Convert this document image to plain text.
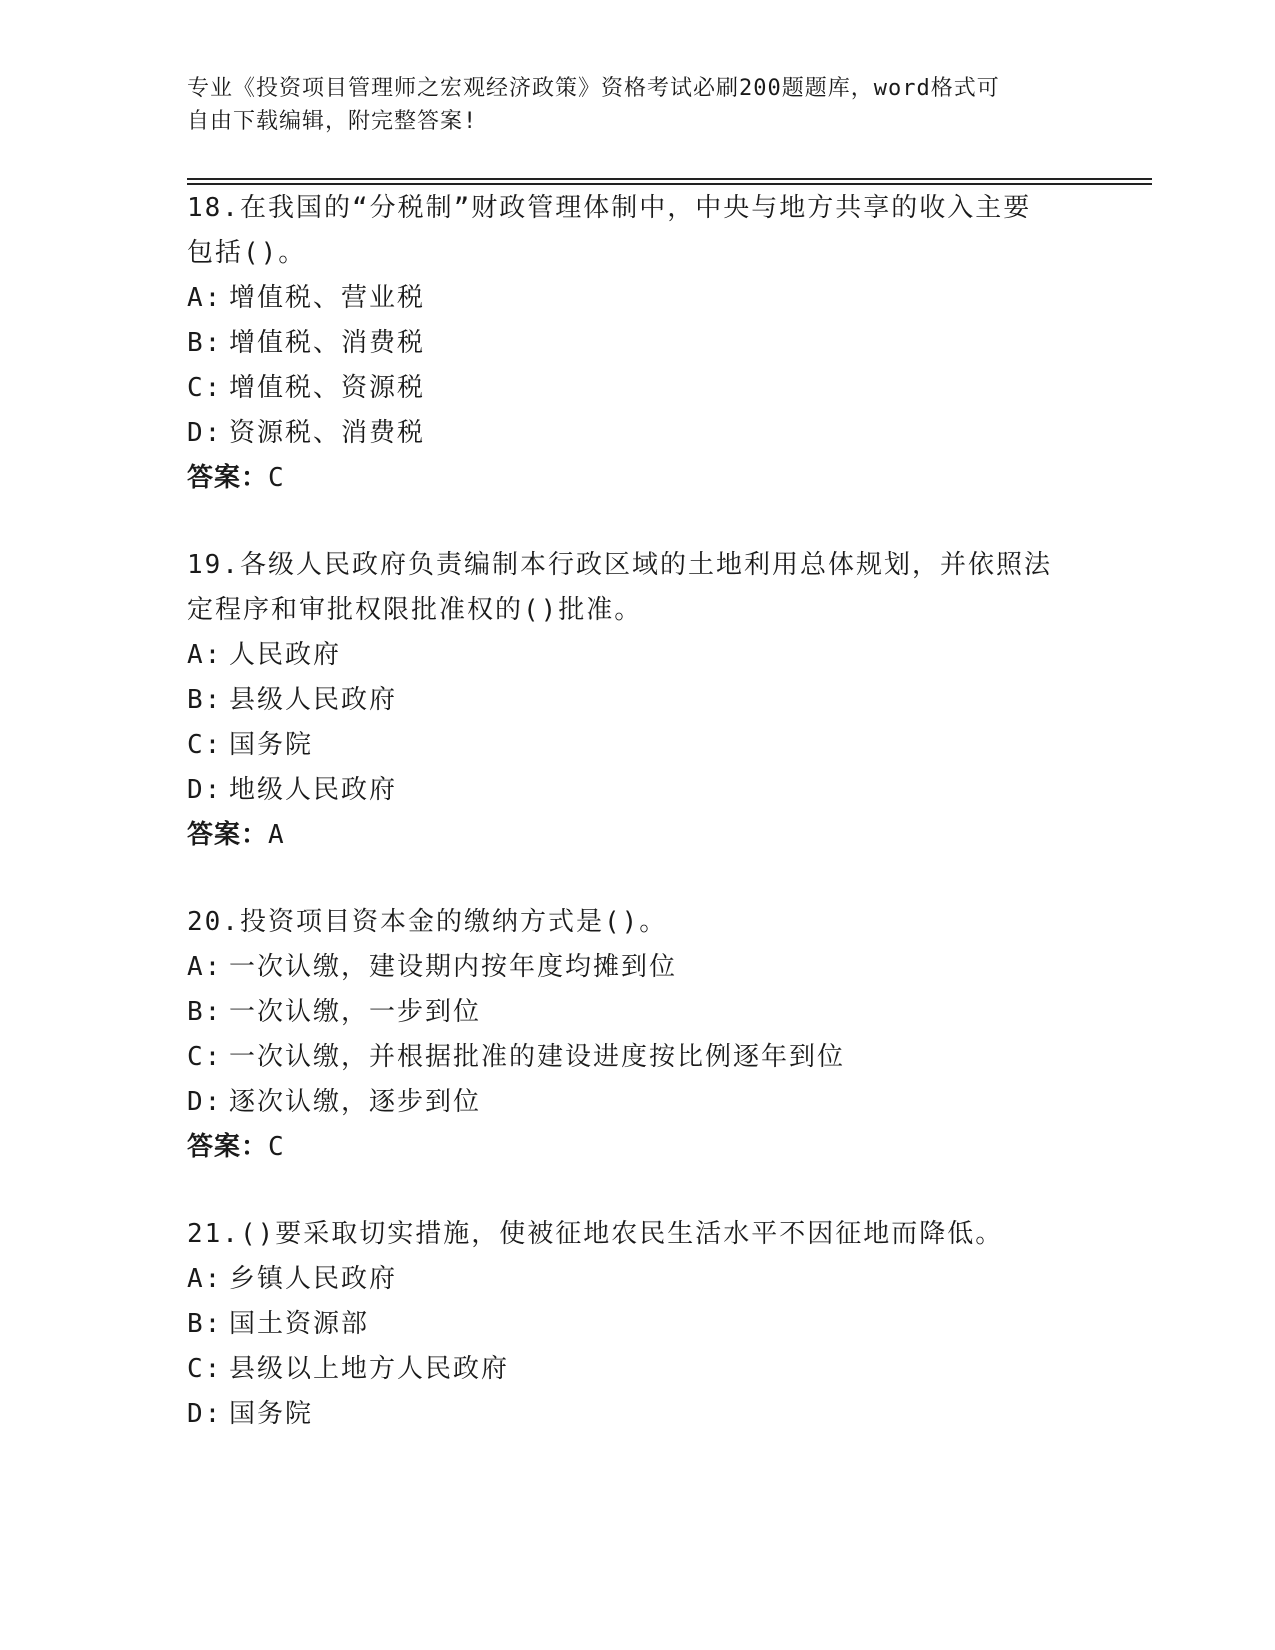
专业《投资项目管理师之宏观经济政策》资格考试必刷200题题库，word格式可
自由下载编辑，附完整答案!

18.在我国的“分税制”财政管理体制中，中央与地方共享的收入主要

包括()。

A: 增值税、营业税

B: 增值税、消费税

C: 增值税、资源税

D: 资源税、消费税

答案：C

19.各级人民政府负责编制本行政区域的土地利用总体规划，并依照法

定程序和审批权限批准权的()批准。

A: 人民政府

B: 县级人民政府

C: 国务院

D: 地级人民政府

答案：A

20.投资项目资本金的缴纳方式是()。

A: 一次认缴，建设期内按年度均摊到位

B: 一次认缴，一步到位

C: 一次认缴，并根据批准的建设进度按比例逐年到位

D: 逐次认缴，逐步到位

答案：C

21.()要采取切实措施，使被征地农民生活水平不因征地而降低。

A: 乡镇人民政府

B: 国土资源部

C: 县级以上地方人民政府

D: 国务院
